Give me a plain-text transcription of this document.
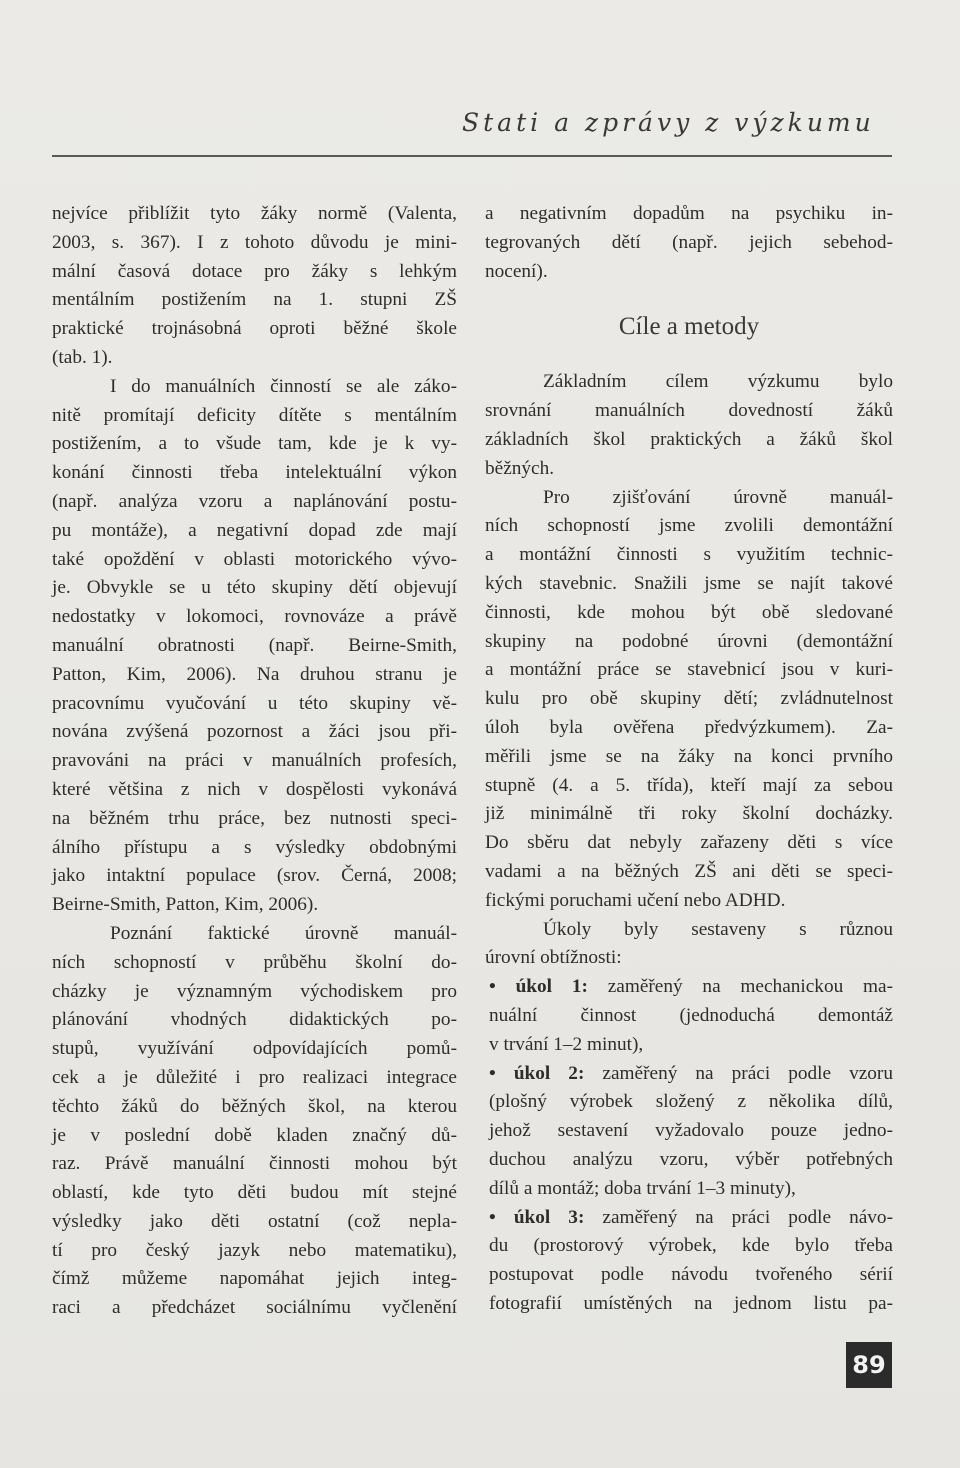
Stati a zprávy z výzkumu
nejvíce přiblížit tyto žáky normě (Valenta,
2003, s. 367). I z tohoto důvodu je mini-
mální časová dotace pro žáky s lehkým
mentálním postižením na 1. stupni ZŠ
praktické trojnásobná oproti běžné škole
(tab. 1).
I do manuálních činností se ale záko-
nitě promítají deficity dítěte s mentálním
postižením, a to všude tam, kde je k vy-
konání činnosti třeba intelektuální výkon
(např. analýza vzoru a naplánování postu-
pu montáže), a negativní dopad zde mají
také opoždění v oblasti motorického vývo-
je. Obvykle se u této skupiny dětí objevují
nedostatky v lokomoci, rovnováze a právě
manuální obratnosti (např. Beirne-Smith,
Patton, Kim, 2006). Na druhou stranu je
pracovnímu vyučování u této skupiny vě-
nována zvýšená pozornost a žáci jsou při-
pravováni na práci v manuálních profesích,
které většina z nich v dospělosti vykonává
na běžném trhu práce, bez nutnosti speci-
álního přístupu a s výsledky obdobnými
jako intaktní populace (srov. Černá, 2008;
Beirne-Smith, Patton, Kim, 2006).
Poznání faktické úrovně manuál-
ních schopností v průběhu školní do-
cházky je významným východiskem pro
plánování vhodných didaktických po-
stupů, využívání odpovídajících pomů-
cek a je důležité i pro realizaci integrace
těchto žáků do běžných škol, na kterou
je v poslední době kladen značný dů-
raz. Právě manuální činnosti mohou být
oblastí, kde tyto děti budou mít stejné
výsledky jako děti ostatní (což nepla-
tí pro český jazyk nebo matematiku),
čímž můžeme napomáhat jejich integ-
raci a předcházet sociálnímu vyčlenění
a negativním dopadům na psychiku in-
tegrovaných dětí (např. jejich sebehod-
nocení).
Cíle a metody
Základním cílem výzkumu bylo
srovnání manuálních dovedností žáků
základních škol praktických a žáků škol
běžných.
Pro zjišťování úrovně manuál-
ních schopností jsme zvolili demontážní
a montážní činnosti s využitím technic-
kých stavebnic. Snažili jsme se najít takové
činnosti, kde mohou být obě sledované
skupiny na podobné úrovni (demontážní
a montážní práce se stavebnicí jsou v kuri-
kulu pro obě skupiny dětí; zvládnutelnost
úloh byla ověřena předvýzkumem). Za-
měřili jsme se na žáky na konci prvního
stupně (4. a 5. třída), kteří mají za sebou
již minimálně tři roky školní docházky.
Do sběru dat nebyly zařazeny děti s více
vadami a na běžných ZŠ ani děti se speci-
fickými poruchami učení nebo ADHD.
Úkoly byly sestaveny s různou
úrovní obtížnosti:
• úkol 1: zaměřený na mechanickou ma-
nuální činnost (jednoduchá demontáž
v trvání 1–2 minut),
• úkol 2: zaměřený na práci podle vzoru
(plošný výrobek složený z několika dílů,
jehož sestavení vyžadovalo pouze jedno-
duchou analýzu vzoru, výběr potřebných
dílů a montáž; doba trvání 1–3 minuty),
• úkol 3: zaměřený na práci podle návo-
du (prostorový výrobek, kde bylo třeba
postupovat podle návodu tvořeného sérií
fotografií umístěných na jednom listu pa-
89
